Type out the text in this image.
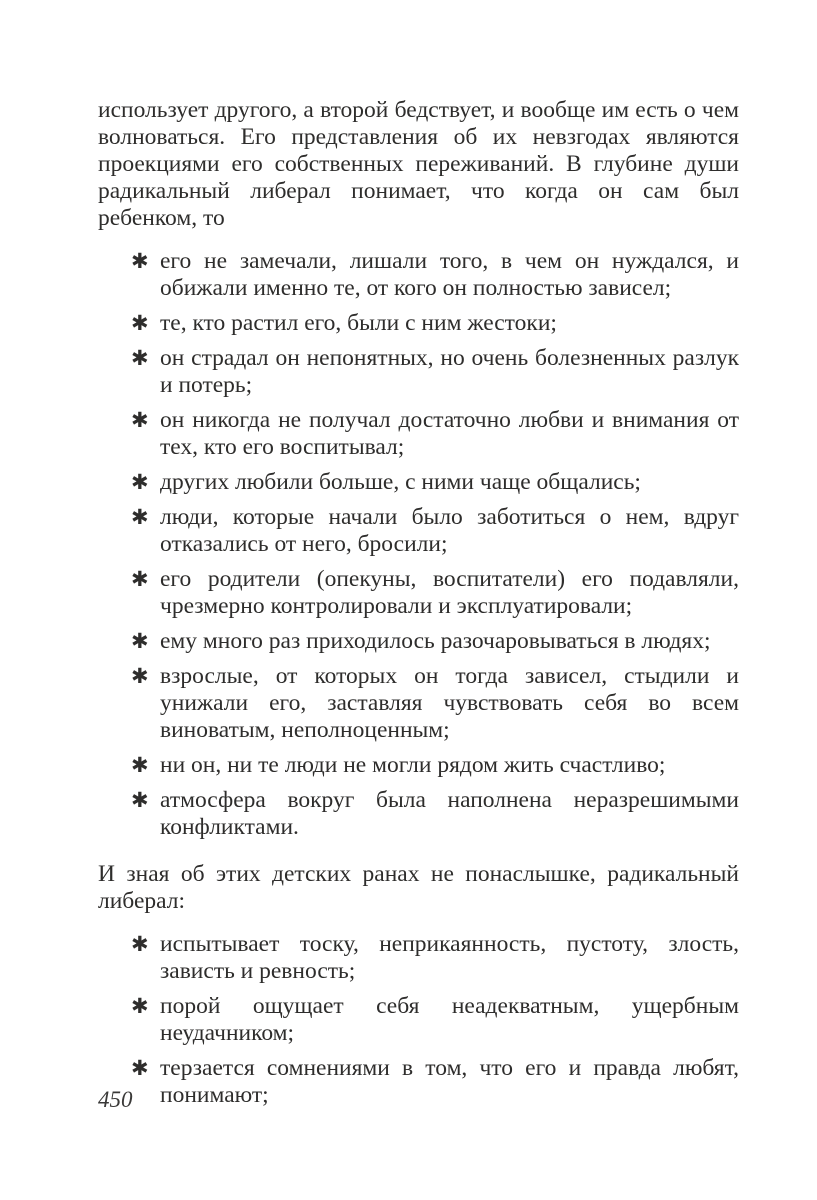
использует другого, а второй бедствует, и вообще им есть о чем волноваться. Его представления об их невзгодах являются проекциями его собственных переживаний. В глубине души радикальный либерал понимает, что когда он сам был ребенком, то

✱ его не замечали, лишали того, в чем он нуждался, и обижали именно те, от кого он полностью зависел;
✱ те, кто растил его, были с ним жестоки;
✱ он страдал он непонятных, но очень болезненных разлук и потерь;
✱ он никогда не получал достаточно любви и внимания от тех, кто его воспитывал;
✱ других любили больше, с ними чаще общались;
✱ люди, которые начали было заботиться о нем, вдруг отказались от него, бросили;
✱ его родители (опекуны, воспитатели) его подавляли, чрезмерно контролировали и эксплуатировали;
✱ ему много раз приходилось разочаровываться в людях;
✱ взрослые, от которых он тогда зависел, стыдили и унижали его, заставляя чувствовать себя во всем виноватым, неполноценным;
✱ ни он, ни те люди не могли рядом жить счастливо;
✱ атмосфера вокруг была наполнена неразрешимыми конфликтами.

И зная об этих детских ранах не понаслышке, радикальный либерал:

✱ испытывает тоску, неприкаянность, пустоту, злость, зависть и ревность;
✱ порой ощущает себя неадекватным, ущербным неудачником;
✱ терзается сомнениями в том, что его и правда любят, понимают;
450
